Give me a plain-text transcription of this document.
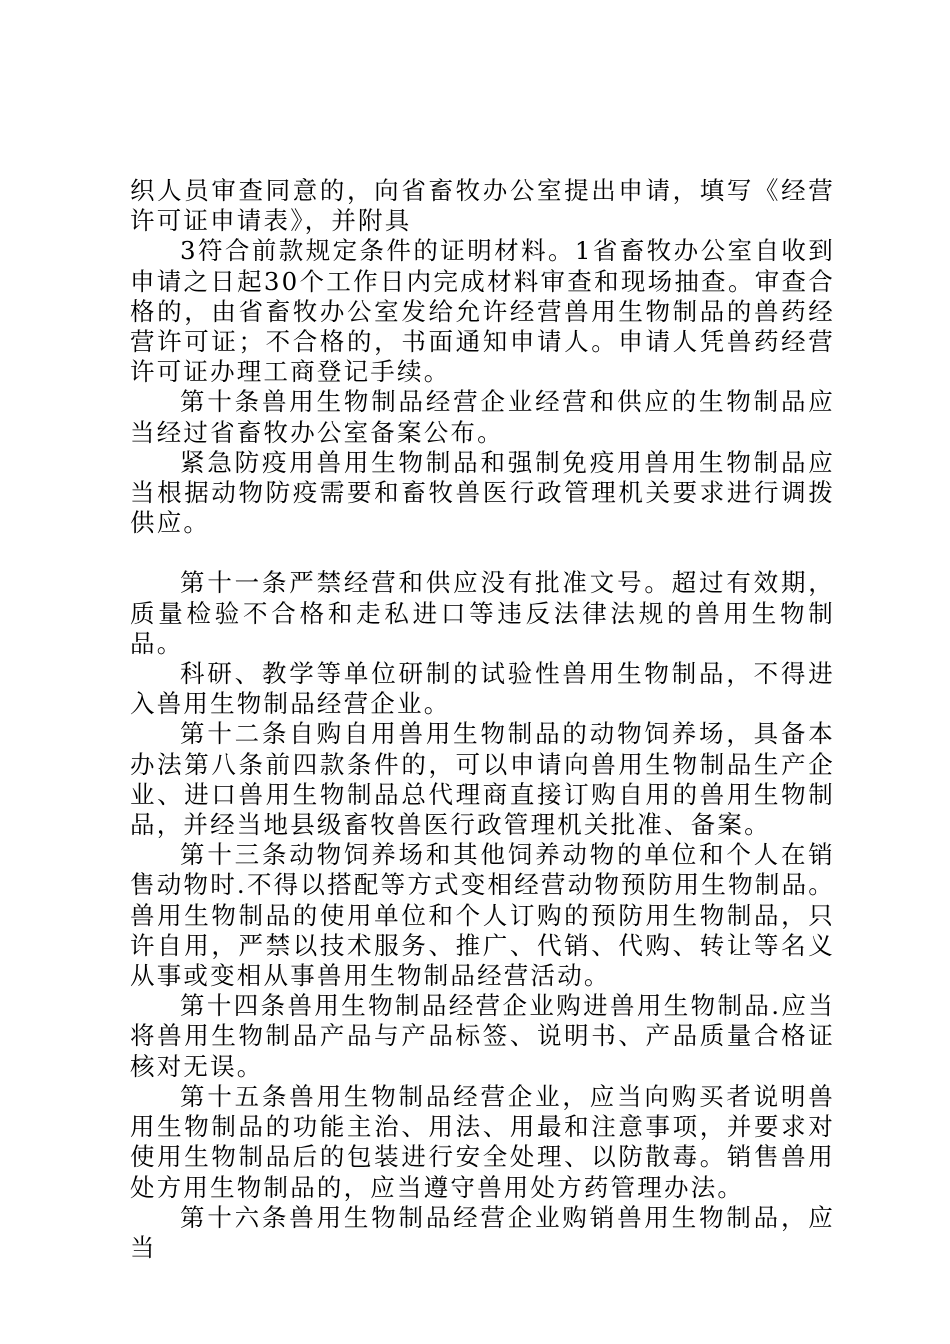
织人员审查同意的，向省畜牧办公室提出申请，填写《经营许可证申请表》，并附具

3符合前款规定条件的证明材料。1省畜牧办公室自收到申请之日起30个工作日内完成材料审查和现场抽查。审查合格的，由省畜牧办公室发给允许经营兽用生物制品的兽药经营许可证；不合格的，书面通知申请人。申请人凭兽药经营许可证办理工商登记手续。

第十条兽用生物制品经营企业经营和供应的生物制品应当经过省畜牧办公室备案公布。

紧急防疫用兽用生物制品和强制免疫用兽用生物制品应当根据动物防疫需要和畜牧兽医行政管理机关要求进行调拨供应。

第十一条严禁经营和供应没有批准文号。超过有效期，质量检验不合格和走私进口等违反法律法规的兽用生物制品。

科研、教学等单位研制的试验性兽用生物制品，不得进入兽用生物制品经营企业。

第十二条自购自用兽用生物制品的动物饲养场，具备本办法第八条前四款条件的，可以申请向兽用生物制品生产企业、进口兽用生物制品总代理商直接订购自用的兽用生物制品，并经当地县级畜牧兽医行政管理机关批准、备案。

第十三条动物饲养场和其他饲养动物的单位和个人在销售动物时.不得以搭配等方式变相经营动物预防用生物制品。兽用生物制品的使用单位和个人订购的预防用生物制品，只许自用，严禁以技术服务、推广、代销、代购、转让等名义从事或变相从事兽用生物制品经营活动。

第十四条兽用生物制品经营企业购进兽用生物制品.应当将兽用生物制品产品与产品标签、说明书、产品质量合格证核对无误。

第十五条兽用生物制品经营企业，应当向购买者说明兽用生物制品的功能主治、用法、用最和注意事项，并要求对使用生物制品后的包装进行安全处理、以防散毒。销售兽用处方用生物制品的，应当遵守兽用处方药管理办法。

第十六条兽用生物制品经营企业购销兽用生物制品，应当
